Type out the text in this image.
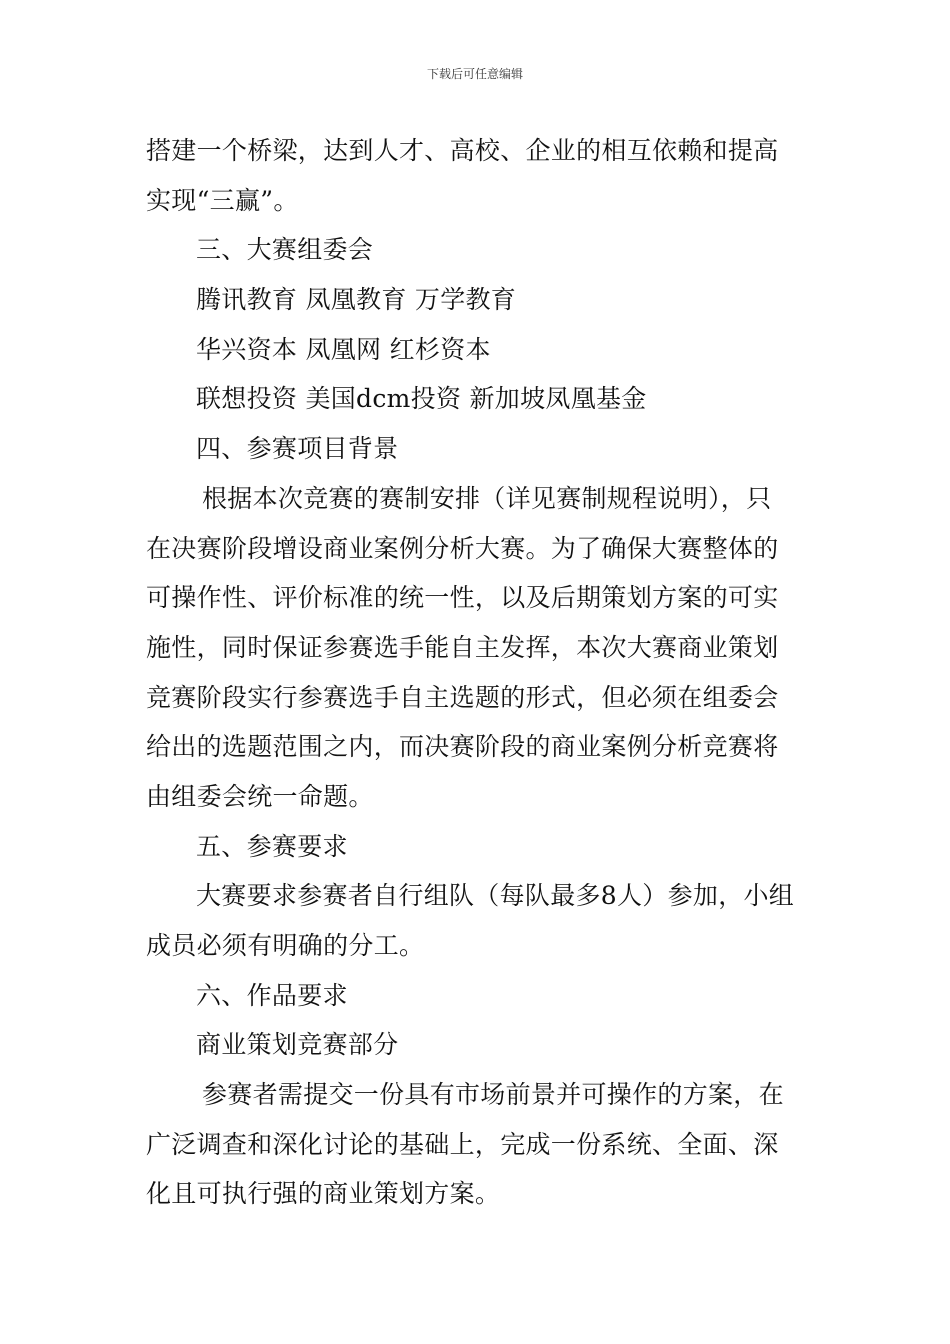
下载后可任意编辑
搭建一个桥梁，达到人才、高校、企业的相互依赖和提高
实现“三赢”。
三、大赛组委会
腾讯教育 凤凰教育 万学教育
华兴资本 凤凰网 红杉资本
联想投资 美国dcm投资 新加坡凤凰基金
四、参赛项目背景
根据本次竞赛的赛制安排（详见赛制规程说明），只
在决赛阶段增设商业案例分析大赛。为了确保大赛整体的
可操作性、评价标准的统一性，以及后期策划方案的可实
施性，同时保证参赛选手能自主发挥，本次大赛商业策划
竞赛阶段实行参赛选手自主选题的形式，但必须在组委会
给出的选题范围之内，而决赛阶段的商业案例分析竞赛将
由组委会统一命题。
五、参赛要求
大赛要求参赛者自行组队（每队最多8人）参加，小组
成员必须有明确的分工。
六、作品要求
商业策划竞赛部分
参赛者需提交一份具有市场前景并可操作的方案，在
广泛调查和深化讨论的基础上，完成一份系统、全面、深
化且可执行强的商业策划方案。
